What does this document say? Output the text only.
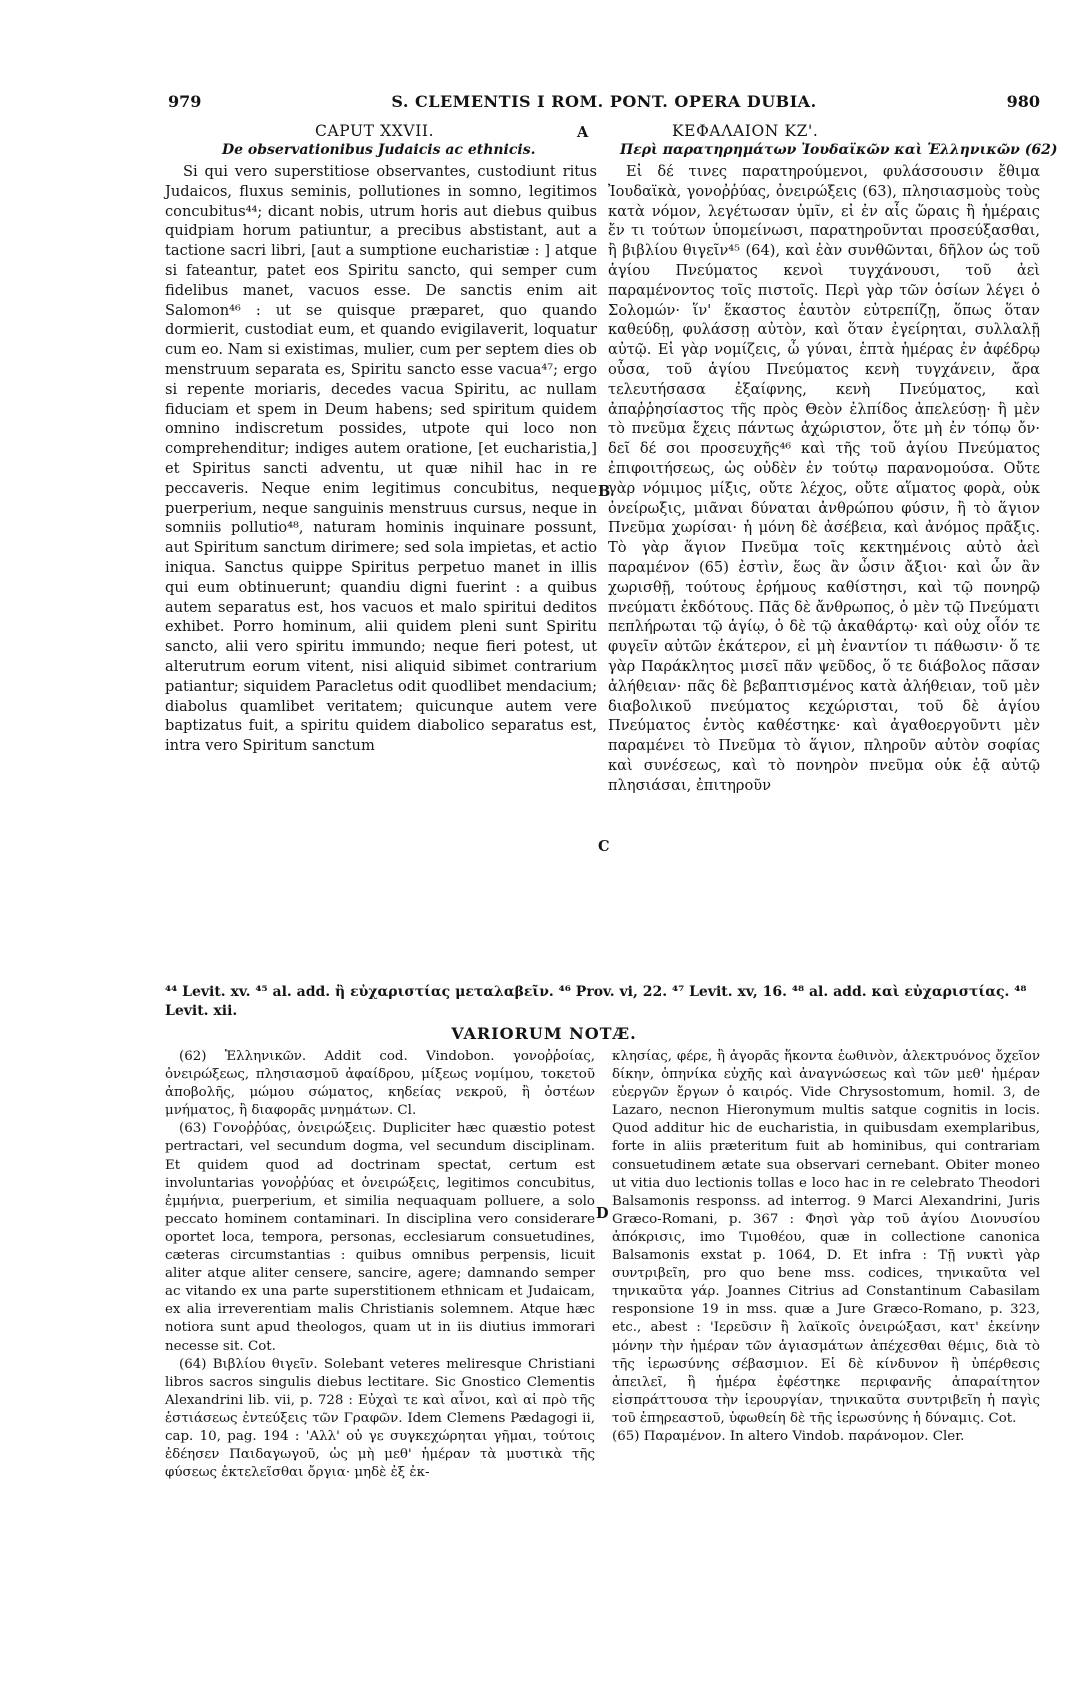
979	S. CLEMENTIS I ROM. PONT. OPERA DUBIA.	980
CAPUT XXVII.	A	ΚΕΦΑΛΑΙΟΝ ΚΖ'.
De observationibus Judaicis ac ethnicis.	Περὶ παρατηρημάτων Ἰουδαϊκῶν καὶ Ἑλληνικῶν (62)

Si qui vero superstitiose observantes, custodiunt ritus Judaicos, fluxus seminis, pollutiones in somno, legitimos concubitus⁴⁴; dicant nobis, utrum horis aut diebus quibus quidpiam horum patiuntur, a precibus abstistant, aut a tactione sacri libri, [aut a sumptione eucharistiæ : ] atque si fateantur, patet eos Spiritu sancto, qui semper cum fidelibus manet, vacuos esse. De sanctis enim ait Salomon⁴⁶ : ut se quisque præparet, quo quando dormierit, custodiat eum, et quando evigilaverit, loquatur cum eo. Nam si existimas, mulier, cum per septem dies ob menstruum separata es, Spiritu sancto esse vacua⁴⁷; ergo si repente moriaris, decedes vacua Spiritu, ac nullam fiduciam et spem in Deum habens; sed spiritum quidem omnino indiscretum possides, utpote qui loco non comprehenditur; indiges autem oratione, [et eucharistia,] et Spiritus sancti adventu, ut quæ nihil hac in re peccaveris. Neque enim legitimus concubitus, neque puerperium, neque sanguinis menstruus cursus, neque in somniis pollutio⁴⁸, naturam hominis inquinare possunt, aut Spiritum sanctum dirimere; sed sola impietas, et actio iniqua. Sanctus quippe Spiritus perpetuo manet in illis qui eum obtinuerunt; quandiu digni fuerint : a quibus autem separatus est, hos vacuos et malo spiritui deditos exhibet. Porro hominum, alii quidem pleni sunt Spiritu sancto, alii vero spiritu immundo; neque fieri potest, ut alterutrum eorum vitent, nisi aliquid sibimet contrarium patiantur; siquidem Paracletus odit quodlibet mendacium; diabolus quamlibet veritatem; quicunque autem vere baptizatus fuit, a spiritu quidem diabolico separatus est, intra vero Spiritum sanctum

B
C

Εἰ δέ τινες παρατηρούμενοι, φυλάσσουσιν ἔθιμα Ἰουδαϊκὰ, γονοῤῥύας, ὀνειρώξεις (63), πλησιασμοὺς τοὺς κατὰ νόμον, λεγέτωσαν ὑμῖν, εἰ ἐν αἷς ὥραις ἢ ἡμέραις ἔν τι τούτων ὑπομείνωσι, παρατηροῦνται προσεύξασθαι, ἢ βιβλίου θιγεῖν⁴⁵ (64), καὶ ἐὰν συνθῶνται, δῆλον ὡς τοῦ ἁγίου Πνεύματος κενοὶ τυγχάνουσι, τοῦ ἀεὶ παραμένοντος τοῖς πιστοῖς. Περὶ γὰρ τῶν ὁσίων λέγει ὁ Σολομών· ἵν' ἕκαστος ἑαυτὸν εὐτρεπίζῃ, ὅπως ὅταν καθεύδῃ, φυλάσσῃ αὐτὸν, καὶ ὅταν ἐγείρηται, συλλαλῇ αὐτῷ. Εἰ γὰρ νομίζεις, ὦ γύναι, ἑπτὰ ἡμέρας ἐν ἀφέδρῳ οὖσα, τοῦ ἁγίου Πνεύματος κενὴ τυγχάνειν, ἄρα τελευτήσασα ἐξαίφνης, κενὴ Πνεύματος, καὶ ἀπαῤῥησίαστος τῆς πρὸς Θεὸν ἐλπίδος ἀπελεύσῃ· ἢ μὲν τὸ πνεῦμα ἔχεις πάντως ἀχώριστον, ὅτε μὴ ἐν τόπῳ ὄν· δεῖ δέ σοι προσευχῆς⁴⁶ καὶ τῆς τοῦ ἁγίου Πνεύματος ἐπιφοιτήσεως, ὡς οὐδὲν ἐν τούτῳ παρανομούσα. Οὔτε γὰρ νόμιμος μίξις, οὔτε λέχος, οὔτε αἵματος φορὰ, οὐκ ὀνείρωξις, μιᾶναι δύναται ἀνθρώπου φύσιν, ἢ τὸ ἅγιον Πνεῦμα χωρίσαι· ἡ μόνη δὲ ἀσέβεια, καὶ ἀνόμος πρᾶξις. Τὸ γὰρ ἅγιον Πνεῦμα τοῖς κεκτημένοις αὐτὸ ἀεὶ παραμένον (65) ἐστὶν, ἕως ἂν ὦσιν ἄξιοι· καὶ ὧν ἂν χωρισθῇ, τούτους ἐρήμους καθίστησι, καὶ τῷ πονηρῷ πνεύματι ἐκδότους. Πᾶς δὲ ἄνθρωπος, ὁ μὲν τῷ Πνεύματι πεπλήρωται τῷ ἁγίῳ, ὁ δὲ τῷ ἀκαθάρτῳ· καὶ οὐχ οἷόν τε φυγεῖν αὐτῶν ἑκάτερον, εἰ μὴ ἐναντίον τι πάθωσιν· ὅ τε γὰρ Παράκλητος μισεῖ πᾶν ψεῦδος, ὅ τε διάβολος πᾶσαν ἀλήθειαν· πᾶς δὲ βεβαπτισμένος κατὰ ἀλήθειαν, τοῦ μὲν διαβολικοῦ πνεύματος κεχώρισται, τοῦ δὲ ἁγίου Πνεύματος ἐντὸς καθέστηκε· καὶ ἀγαθοεργοῦντι μὲν παραμένει τὸ Πνεῦμα τὸ ἅγιον, πληροῦν αὐτὸν σοφίας καὶ συνέσεως, καὶ τὸ πονηρὸν πνεῦμα οὐκ ἐᾷ αὐτῷ πλησιάσαι, ἐπιτηροῦν

⁴⁴ Levit. xv. ⁴⁵ al. add. ἢ εὐχαριστίας μεταλαβεῖν. ⁴⁶ Prov. vi, 22. ⁴⁷ Levit. xv, 16. ⁴⁸ al. add. καὶ εὐχαριστίας. ⁴⁸ Levit. xii.
VARIORUM NOTÆ.

(62) Ἑλληνικῶν. Addit cod. Vindobon. γονοῤῥοίας, ὀνειρώξεως, πλησιασμοῦ ἀφαίδρου, μίξεως νομίμου, τοκετοῦ ἀποβολῆς, μώμου σώματος, κηδείας νεκροῦ, ἢ ὀστέων μνήματος, ἢ διαφορᾶς μνημάτων. Cl.

(63) Γονοῤῥύας, ὀνειρώξεις. Dupliciter hæc quæstio potest pertractari, vel secundum dogma, vel secundum disciplinam. Et quidem quod ad doctrinam spectat, certum est involuntarias γονοῤῥύας et ὀνειρώξεις, legitimos concubitus, ἐμμήνια, puerperium, et similia nequaquam polluere, a solo peccato hominem contaminari. In disciplina vero considerare oportet loca, tempora, personas, ecclesiarum consuetudines, cæteras circumstantias : quibus omnibus perpensis, licuit aliter atque aliter censere, sancire, agere; damnando semper ac vitando ex una parte superstitionem ethnicam et Judaicam, ex alia irreverentiam malis Christianis solemnem. Atque hæc notiora sunt apud theologos, quam ut in iis diutius immorari necesse sit. Cot.

(64) Βιβλίου θιγεῖν. Solebant veteres meliresque Christiani libros sacros singulis diebus lectitare. Sic Gnostico Clementis Alexandrini lib. vii, p. 728 : Εὐχαὶ τε καὶ αἶνοι, καὶ αἱ πρὸ τῆς ἑστιάσεως ἐντεύξεις τῶν Γραφῶν. Idem Clemens Pædagogi ii, cap. 10, pag. 194 : 'Αλλ' οὐ γε συγκεχώρηται γῆμαι, τούτοις ἐδέησεν Παιδαγωγοῦ, ὡς μὴ μεθ' ἡμέραν τὰ μυστικὰ τῆς φύσεως ἐκτελεῖσθαι ὄργια· μηδὲ ἐξ ἐκ-

D

κλησίας, φέρε, ἢ ἀγορᾶς ἥκοντα ἑωθινὸν, ἀλεκτρυόνος ὄχεῖον δίκην, ὁπηνίκα εὐχῆς καὶ ἀναγνώσεως καὶ τῶν μεθ' ἡμέραν εὐεργῶν ἔργων ὁ καιρός. Vide Chrysostomum, homil. 3, de Lazaro, necnon Hieronymum multis satque cognitis in locis. Quod additur hic de eucharistia, in quibusdam exemplaribus, forte in aliis præteritum fuit ab hominibus, qui contrariam consuetudinem ætate sua observari cernebant. Obiter moneo ut vitia duo lectionis tollas e loco hac in re celebrato Theodori Balsamonis responss. ad interrog. 9 Marci Alexandrini, Juris Græco-Romani, p. 367 : Φησὶ γὰρ τοῦ ἁγίου Διονυσίου ἀπόκρισις, imo Τιμοθέου, quæ in collectione canonica Balsamonis exstat p. 1064, D. Et infra : Τῇ νυκτὶ γὰρ συντριβεῖη, pro quo bene mss. codices, τηνικαῦτα vel τηνικαῦτα γάρ. Joannes Citrius ad Constantinum Cabasilam responsione 19 in mss. quæ a Jure Græco-Romano, p. 323, etc., abest : 'Ιερεῦσιν ἢ λαϊκοῖς ὀνειρώξασι, κατ' ἐκείνην μόνην τὴν ἡμέραν τῶν ἁγιασμάτων ἀπέχεσθαι θέμις, διὰ τὸ τῆς ἱερωσύνης σέβασμιον. Εἰ δὲ κίνδυνον ἢ ὑπέρθεσις ἀπειλεῖ, ἢ ἡμέρα ἐφέστηκε περιφανῆς ἀπαραίτητον εἰσπράττουσα τὴν ἱερουργίαν, τηνικαῦτα συντριβεῖη ἡ παγὶς τοῦ ἐπηρεαστοῦ, ὑφωθείη δὲ τῆς ἱερωσύνης ἡ δύναμις. Cot.

(65) Παραμένον. In altero Vindob. παράνομον. Cler.
